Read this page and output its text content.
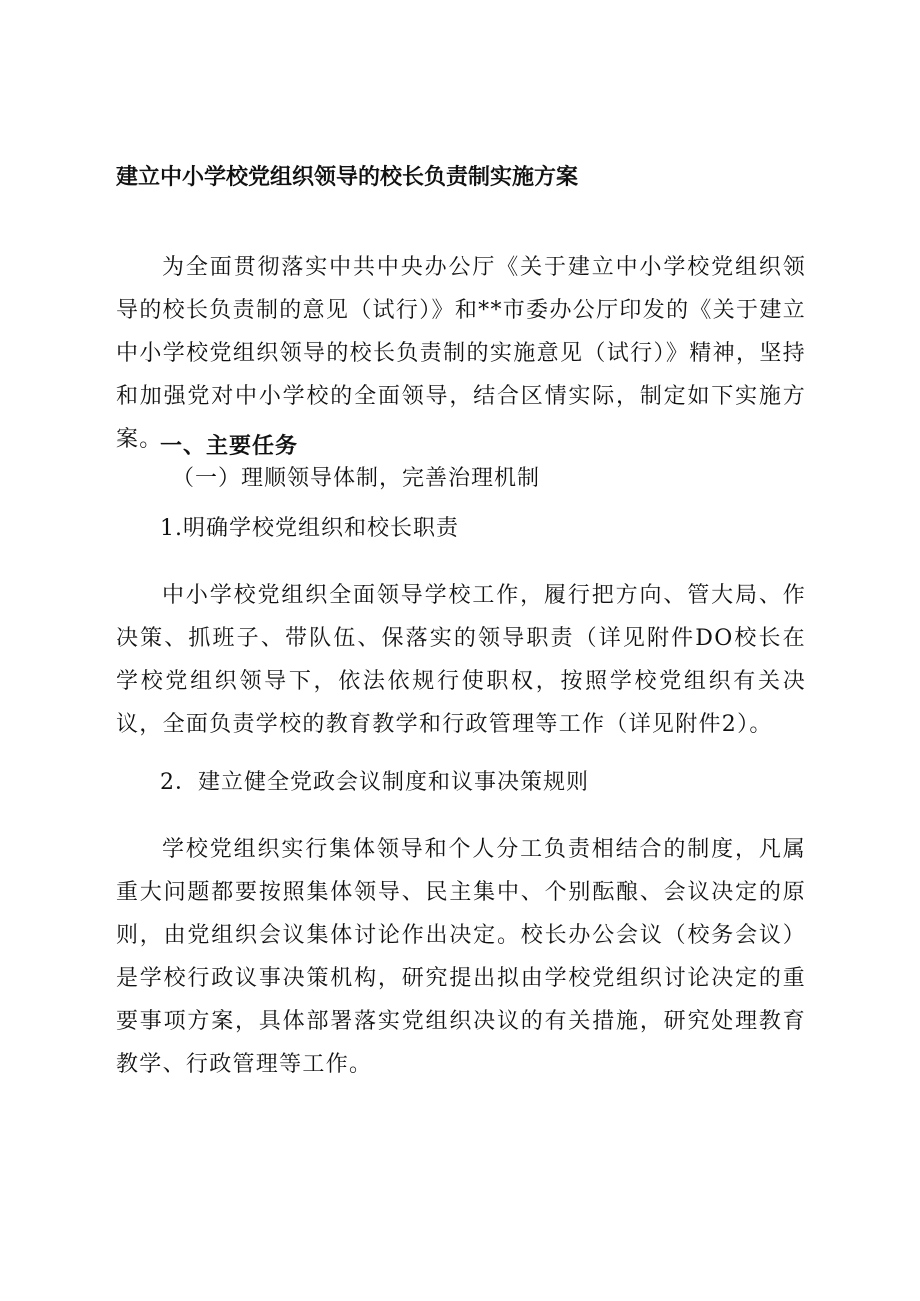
建立中小学校党组织领导的校长负责制实施方案

为全面贯彻落实中共中央办公厅《关于建立中小学校党组织领导的校长负责制的意见（试行）》和**市委办公厅印发的《关于建立中小学校党组织领导的校长负责制的实施意见（试行）》精神，坚持和加强党对中小学校的全面领导，结合区情实际，制定如下实施方案。

一、主要任务
（一）理顺领导体制，完善治理机制
1.明确学校党组织和校长职责

中小学校党组织全面领导学校工作，履行把方向、管大局、作决策、抓班子、带队伍、保落实的领导职责（详见附件DO校长在学校党组织领导下，依法依规行使职权，按照学校党组织有关决议，全面负责学校的教育教学和行政管理等工作（详见附件2）。

2．建立健全党政会议制度和议事决策规则

学校党组织实行集体领导和个人分工负责相结合的制度，凡属重大问题都要按照集体领导、民主集中、个别酝酿、会议决定的原则，由党组织会议集体讨论作出决定。校长办公会议（校务会议）是学校行政议事决策机构，研究提出拟由学校党组织讨论决定的重要事项方案，具体部署落实党组织决议的有关措施，研究处理教育教学、行政管理等工作。
